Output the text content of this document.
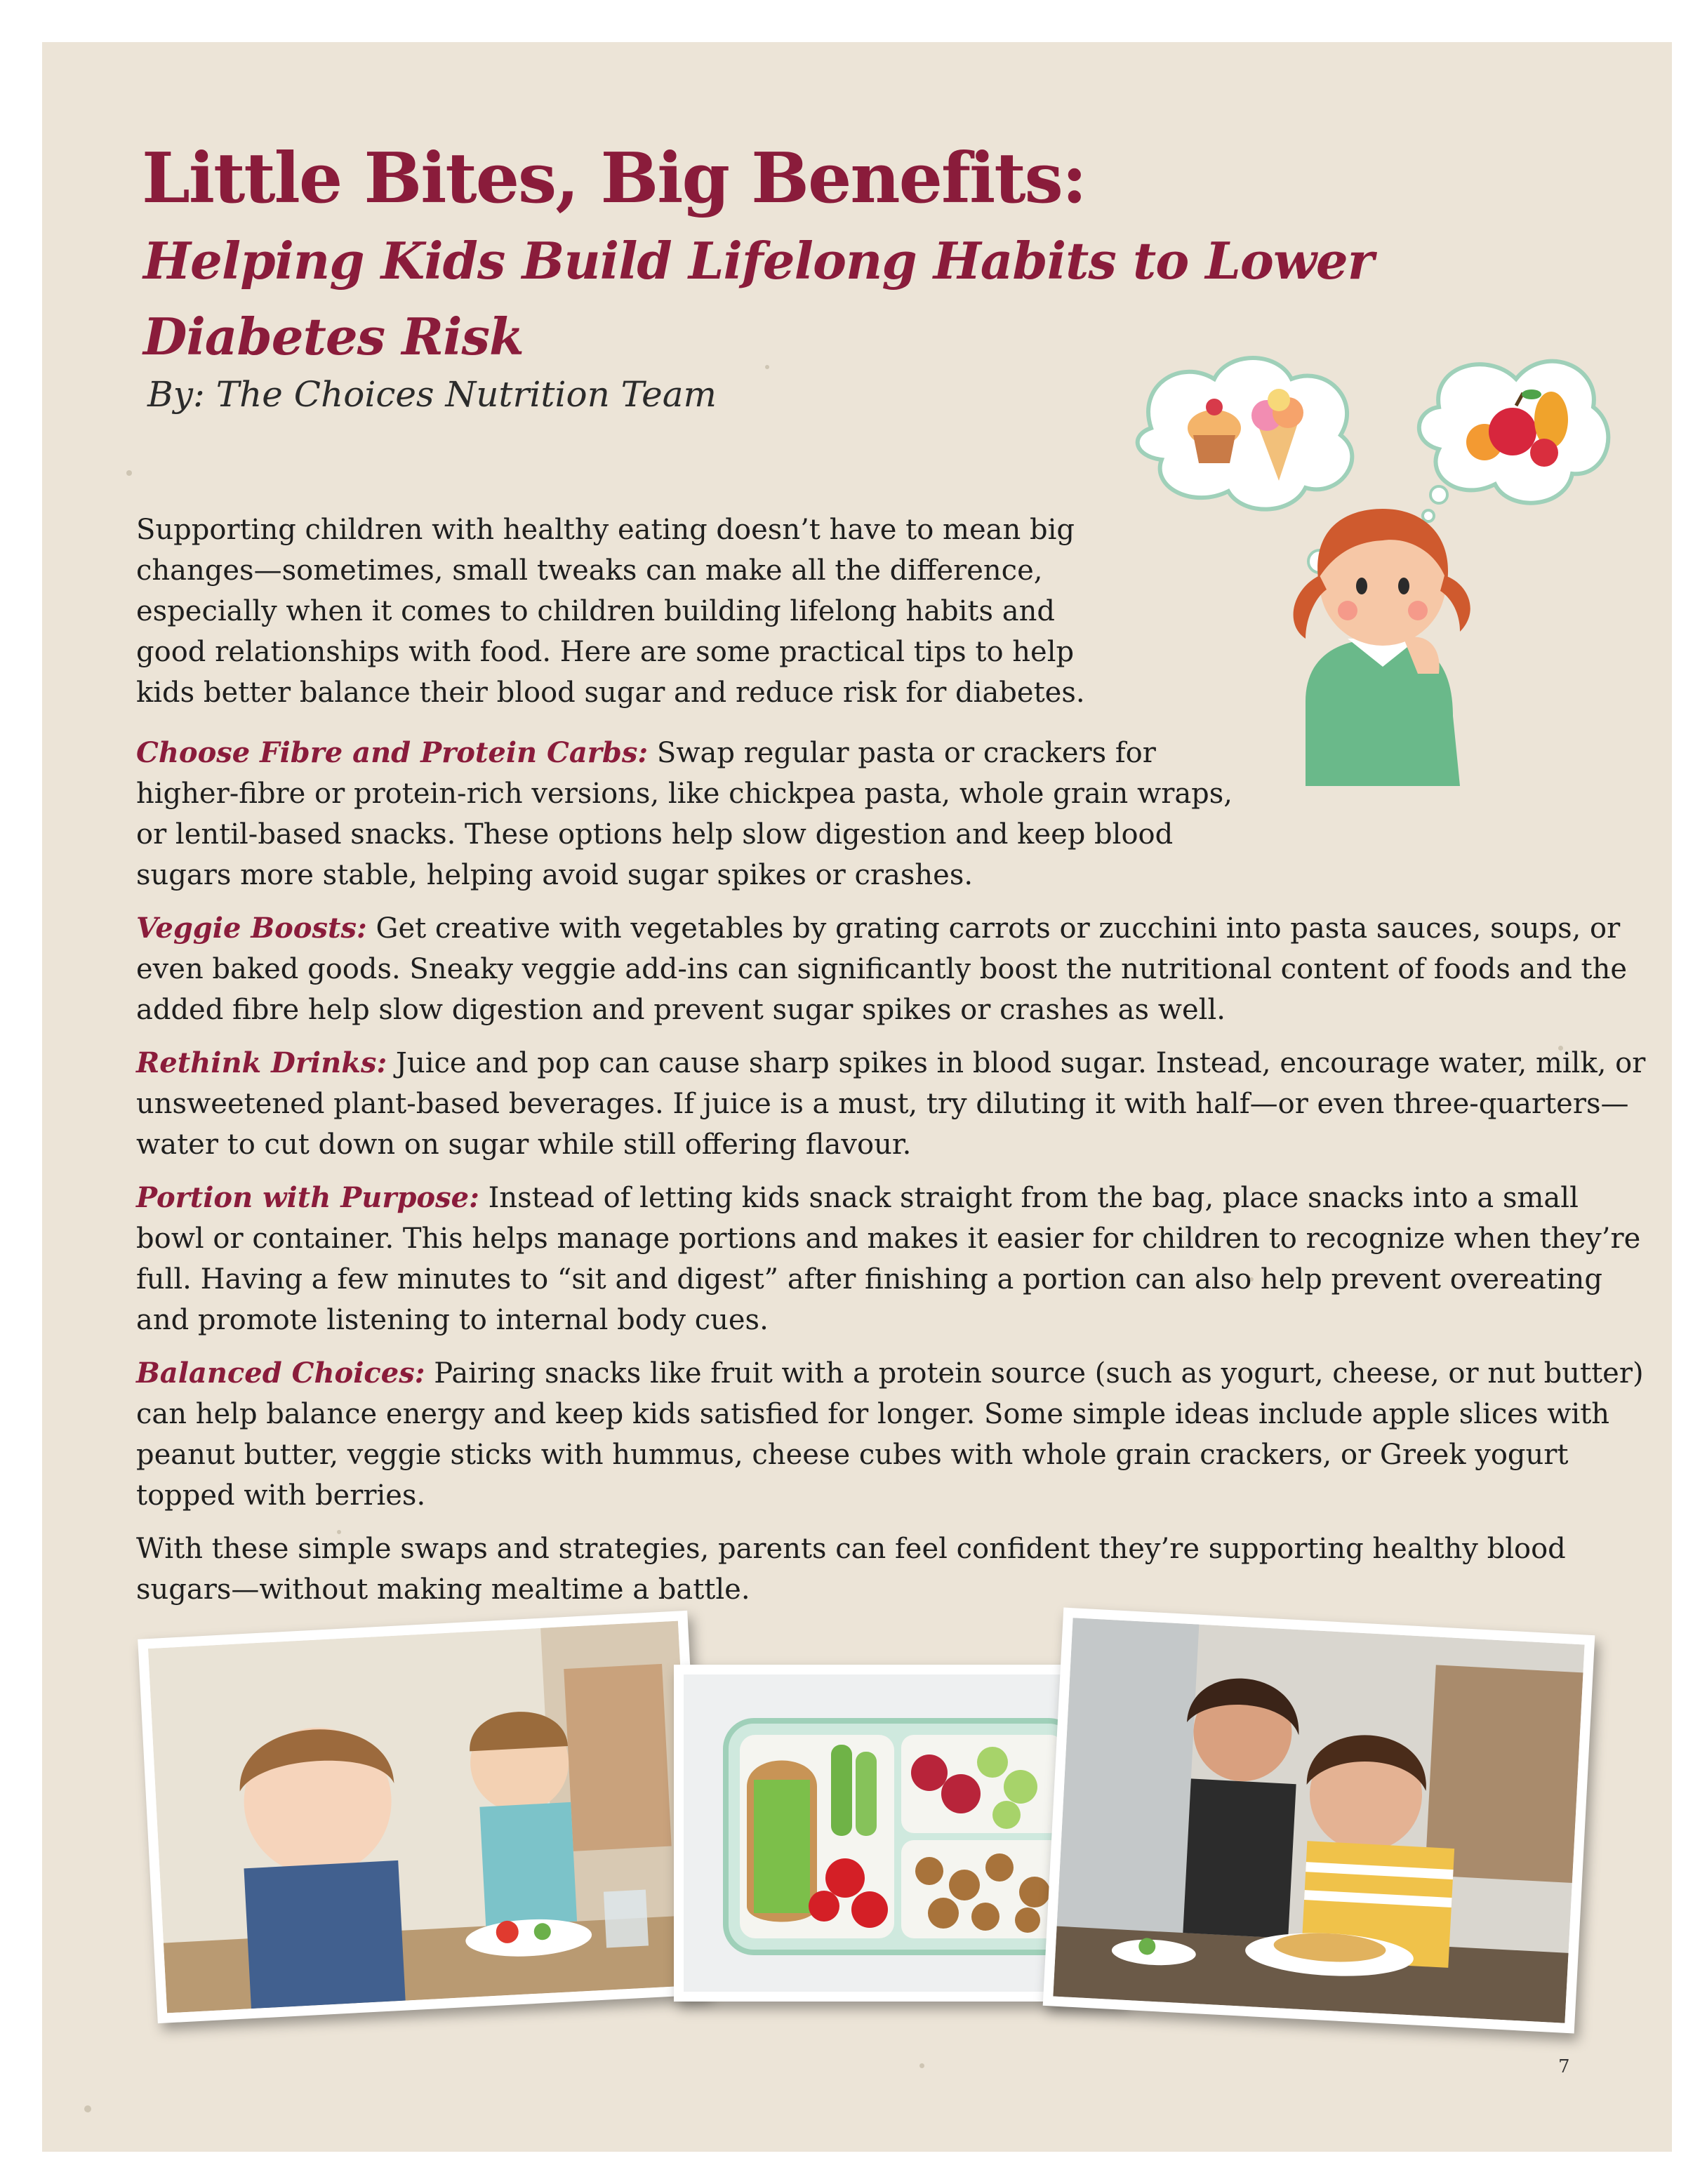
Little Bites, Big Benefits:
Helping Kids Build Lifelong Habits to Lower Diabetes Risk
By: The Choices Nutrition Team

Supporting children with healthy eating doesn’t have to mean big changes—sometimes, small tweaks can make all the difference, especially when it comes to children building lifelong habits and good relationships with food. Here are some practical tips to help kids better balance their blood sugar and reduce risk for diabetes.

Choose Fibre and Protein Carbs: Swap regular pasta or crackers for higher-fibre or protein-rich versions, like chickpea pasta, whole grain wraps, or lentil-based snacks. These options help slow digestion and keep blood sugars more stable, helping avoid sugar spikes or crashes.

Veggie Boosts: Get creative with vegetables by grating carrots or zucchini into pasta sauces, soups, or even baked goods. Sneaky veggie add-ins can significantly boost the nutritional content of foods and the added fibre help slow digestion and prevent sugar spikes or crashes as well.

Rethink Drinks: Juice and pop can cause sharp spikes in blood sugar. Instead, encourage water, milk, or unsweetened plant-based beverages. If juice is a must, try diluting it with half—or even three-quarters—water to cut down on sugar while still offering flavour.

Portion with Purpose: Instead of letting kids snack straight from the bag, place snacks into a small bowl or container. This helps manage portions and makes it easier for children to recognize when they’re full. Having a few minutes to “sit and digest” after finishing a portion can also help prevent overeating and promote listening to internal body cues.

Balanced Choices: Pairing snacks like fruit with a protein source (such as yogurt, cheese, or nut butter) can help balance energy and keep kids satisfied for longer. Some simple ideas include apple slices with peanut butter, veggie sticks with hummus, cheese cubes with whole grain crackers, or Greek yogurt topped with berries.

With these simple swaps and strategies, parents can feel confident they’re supporting healthy blood sugars—without making mealtime a battle.

7
